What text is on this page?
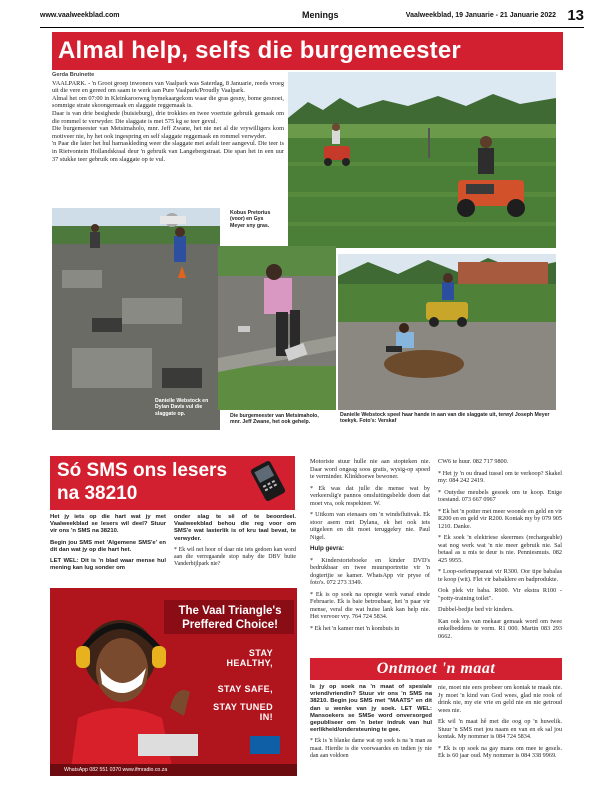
www.vaalweekblad.com	Menings	Vaalweekblad, 19 Januarie - 21 Januarie 2022 13
Almal help, selfs die burgemeester
Gerda Bruinette

VAALPARK. - 'n Groot groep inwoners van Vaalpark was Saterdag, 8 Januarie, reeds vroeg uit die vere en gereed om saam te werk aan Pure Vaalpark/Proudly Vaalpark.

Almal het om 07:00 in Kleinkarooweg bymekaargekom waar die gras gesny, bome gesnoei, sommige strate skoongemaak en slaggate reggemaak is.

Daar is van drie besighede (buisieburg), drie trokkies en twee voertuie gebruik gemaak om die rommel te verwyder. Die slaggate is met 575 kg se teer gevul.

Die burgemeester van Metsimaholo, mnr. Jeff Zwane, het nie net al die vrywilligers kom motiveer nie, hy het ook ingespring en self slaggate reggemaak en rommel verwyder.

'n Paar die later het hul harnaskleding weer die slaggate met asfalt teer aangevul. Die teer is in Rietvontein Hollandskraal deur 'n gebruik van Langebergstraat. Die span het in een uur 37 stukke teer gebruik om slaggate op te vul.

Kobus Pretorius (voor) en Gys Meyer sny gras.
Die burgemeester van Metsimaholo, mnr. Jeff Zwane, het ook gehelp.
Danielle Webstock speel haar hande in aan van die slaggate uit, terwyl Joseph Meyer toekyk. Foto's: Verskaf
Danielle Webstock en Dylan Davis vul die slaggate op.
Só SMS ons lesers
na 38210

Het jy iets op die hart wat jy met Vaalweekblad se lesers wil deel? Stuur vir ons 'n SMS na 38210.

Begin jou SMS met 'Algemene SMS'e' en dit dan wat jy op die hart het.

LET WEL: Dit is 'n blad waar mense hul mening kan lug sonder om

onder slag te sê of te beoordeel. Vaalweekblad behou die reg voor om SMS'e wat lasterlik is of kru taal bevat, te verwyder.

* Ek wil net hoor of daar nie iets gedoen kan word aan die verregaande stop naby die DBV buite Vanderbijlpark nie?

Motoriste stuur hulle nie aan stopteken nie. Daar word ongeag soos gratis, wysig-op spoed te verminder. Klinkhoewe bewoner.

* Ek was dat julle die mense wat by verkeerslig'e pannos omsluitingsbelde doen dat moet vra, ook respekteer. W.

* Uitkom van eienaars om 'n windsfluitvak. Ek stoor asem met Dylana, ek het ook iets uitgeleen en dit moet teruggekry nie. Paul Nigel.

Hulp gevra:

* Kinderstorieboeke en kinder DVD's bedrukbaar en twee muursportrette vir 'n dogtertjie se kamer. WhatsApp vir pryse of foto's. 072 273 3349.

* Ek is op soek na opregte werk vanaf einde Februarie. Ek is baie betroubaar, het 'n paar vir mense, veral die wat huise lank kan help nie. Het vervoer vry. 764 724 5834.

* Ek het 'n kamer met 'n kombuis in

CW6 te huur. 082 717 9800.

* Het jy 'n ou draad tussel om te verkoop? Skakel my: 084 242 2419.

* Outydse meubels gesoek om te koop. Enige toestand. 073 667 0967

* Ek het 'n potter met meer woonde en geld en vir R200 en en geld vir R200. Kontak my by 079 905 1210. Danke.

* Ek soek 'n elektriese skeermes (rechargeable) wat nog werk wat 'n nie meer gebruik nie. Sal betaal as u mis te deur is nie. Penniesmuis. 082 425 9955.

* Loop-oefenapparaat vir R300. Oor tipe babalas te koop (wit). Flet vir babaklere en badprodukte.

Ook plek vir baba. R600. Vir ekstra R100 - "potty-training toilet".

Dubbel-bedjie bed vir kinders.

Kan ook los van mekaar gemaak word om twee enkelbeddens te vorm. R1 000. Martin 083 293 0662.

The Vaal Triangle's Preffered Choice!
STAY HEALTHY,
STAY SAFE,
STAY TUNED IN!
WhatsApp 082 551 0370 www.ifmradio.co.za
Ontmoet 'n maat

Is jy op soek na 'n maat of spesiale vriend/vriendin? Stuur vir ons 'n SMS na 38210. Begin jou SMS met "MAATS" en dit dan u wenke van jy soek. LET WEL: Mansoekers se SMSe word onversorged gepubliseer om 'n beter indruk van hul eerlikheid/ondersteuning te gee.

* Ek is 'n blanke dame wat op soek is na 'n man as maat. Hierdie is die voorwaardes en indien jy nie dan aan voldoen

nie, moet nie eers probeer om kontak te maak nie. Jy moet 'n kind van God wees, glad nie rook of drink nie, my eie vrie en geld nie en nie getroud wees nie.

Ek wil 'n maat hê met die oog op 'n huwelik. Stuur 'n SMS met jou naam en van en ek sal jou kontak. My nommer is 084 724 5834.

* Ek is op soek na gay mans om mee te gesels. Ek is 60 jaar oud. My nommer is 084 338 9969.
